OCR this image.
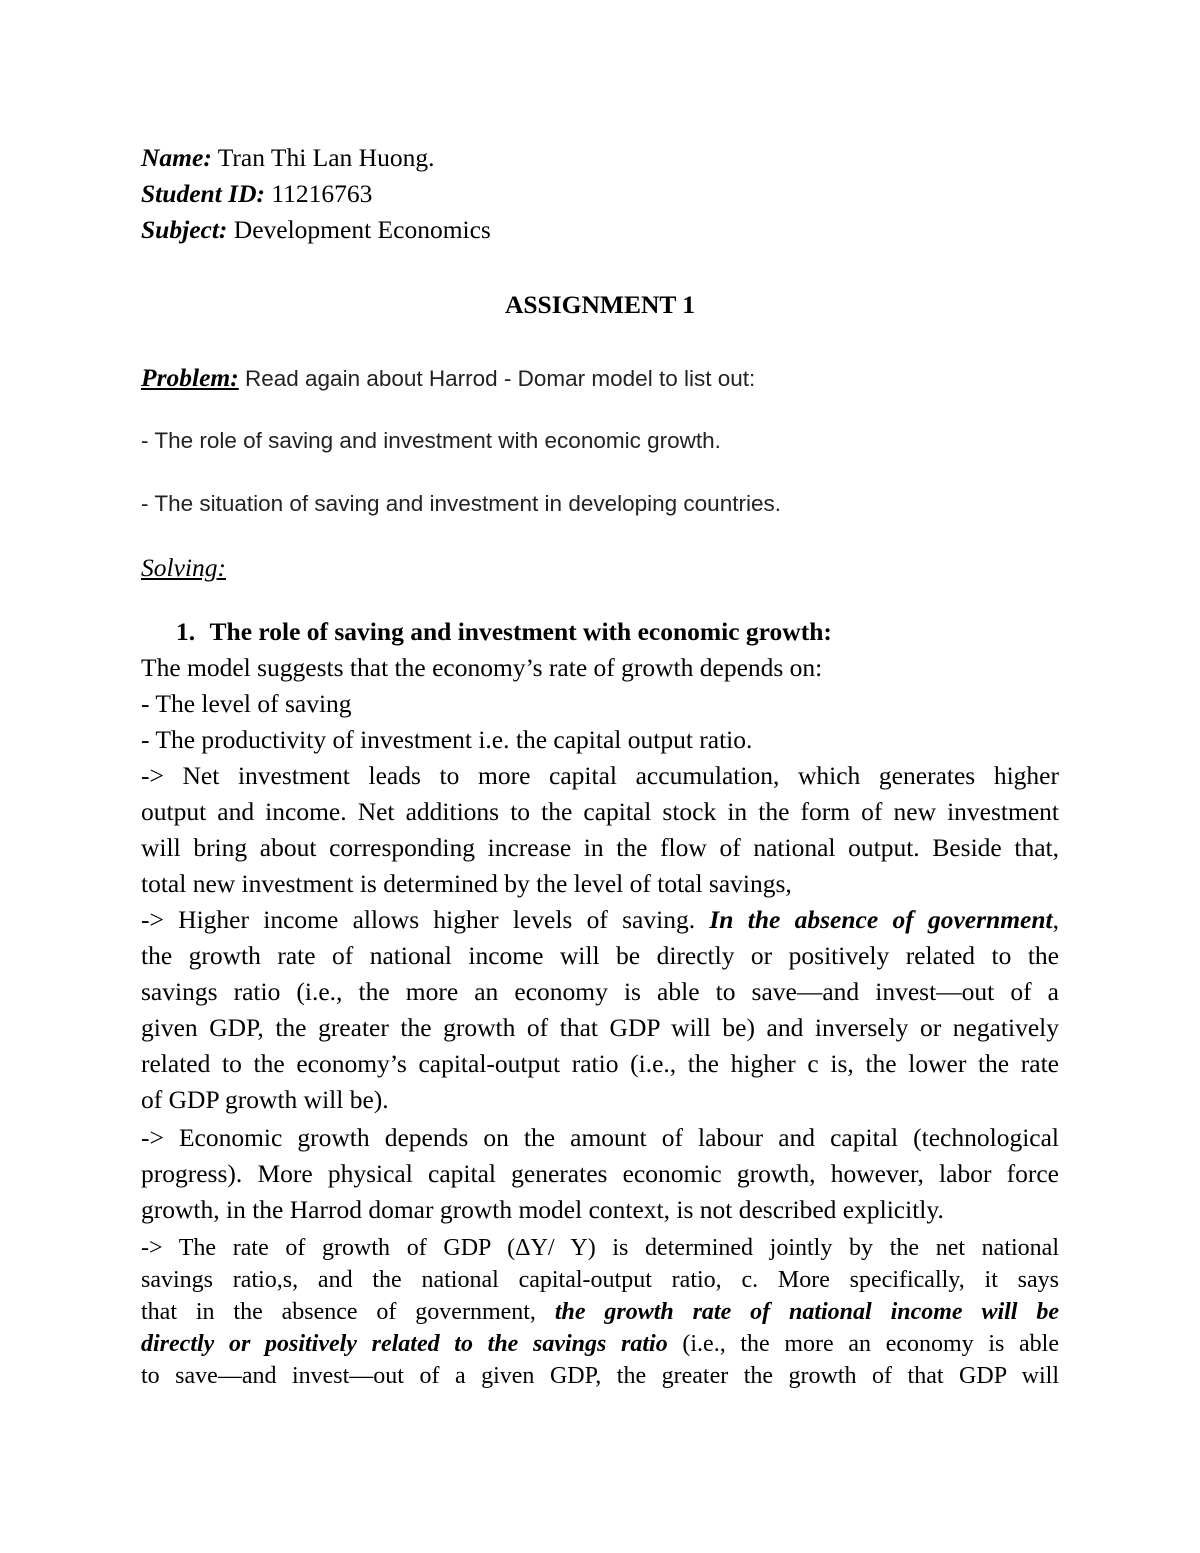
Name: Tran Thi Lan Huong.
Student ID: 11216763
Subject: Development Economics
ASSIGNMENT 1
Problem: Read again about Harrod - Domar model to list out:
- The role of saving and investment with economic growth.
- The situation of saving and investment in developing countries.
Solving:
1. The role of saving and investment with economic growth:
The model suggests that the economy’s rate of growth depends on:
- The level of saving
- The productivity of investment i.e. the capital output ratio.
-> Net investment leads to more capital accumulation, which generates higher
output and income. Net additions to the capital stock in the form of new investment
will bring about corresponding increase in the flow of national output. Beside that,
total new investment is determined by the level of total savings,
-> Higher income allows higher levels of saving. In the absence of government,
the growth rate of national income will be directly or positively related to the
savings ratio (i.e., the more an economy is able to save—and invest—out of a
given GDP, the greater the growth of that GDP will be) and inversely or negatively
related to the economy’s capital-output ratio (i.e., the higher c is, the lower the rate
of GDP growth will be).
-> Economic growth depends on the amount of labour and capital (technological
progress). More physical capital generates economic growth, however, labor force
growth, in the Harrod domar growth model context, is not described explicitly.
-> The rate of growth of GDP (ΔY/ Y) is determined jointly by the net national
savings ratio,s, and the national capital-output ratio, c. More specifically, it says
that in the absence of government, the growth rate of national income will be
directly or positively related to the savings ratio (i.e., the more an economy is able
to save—and invest—out of a given GDP, the greater the growth of that GDP will
